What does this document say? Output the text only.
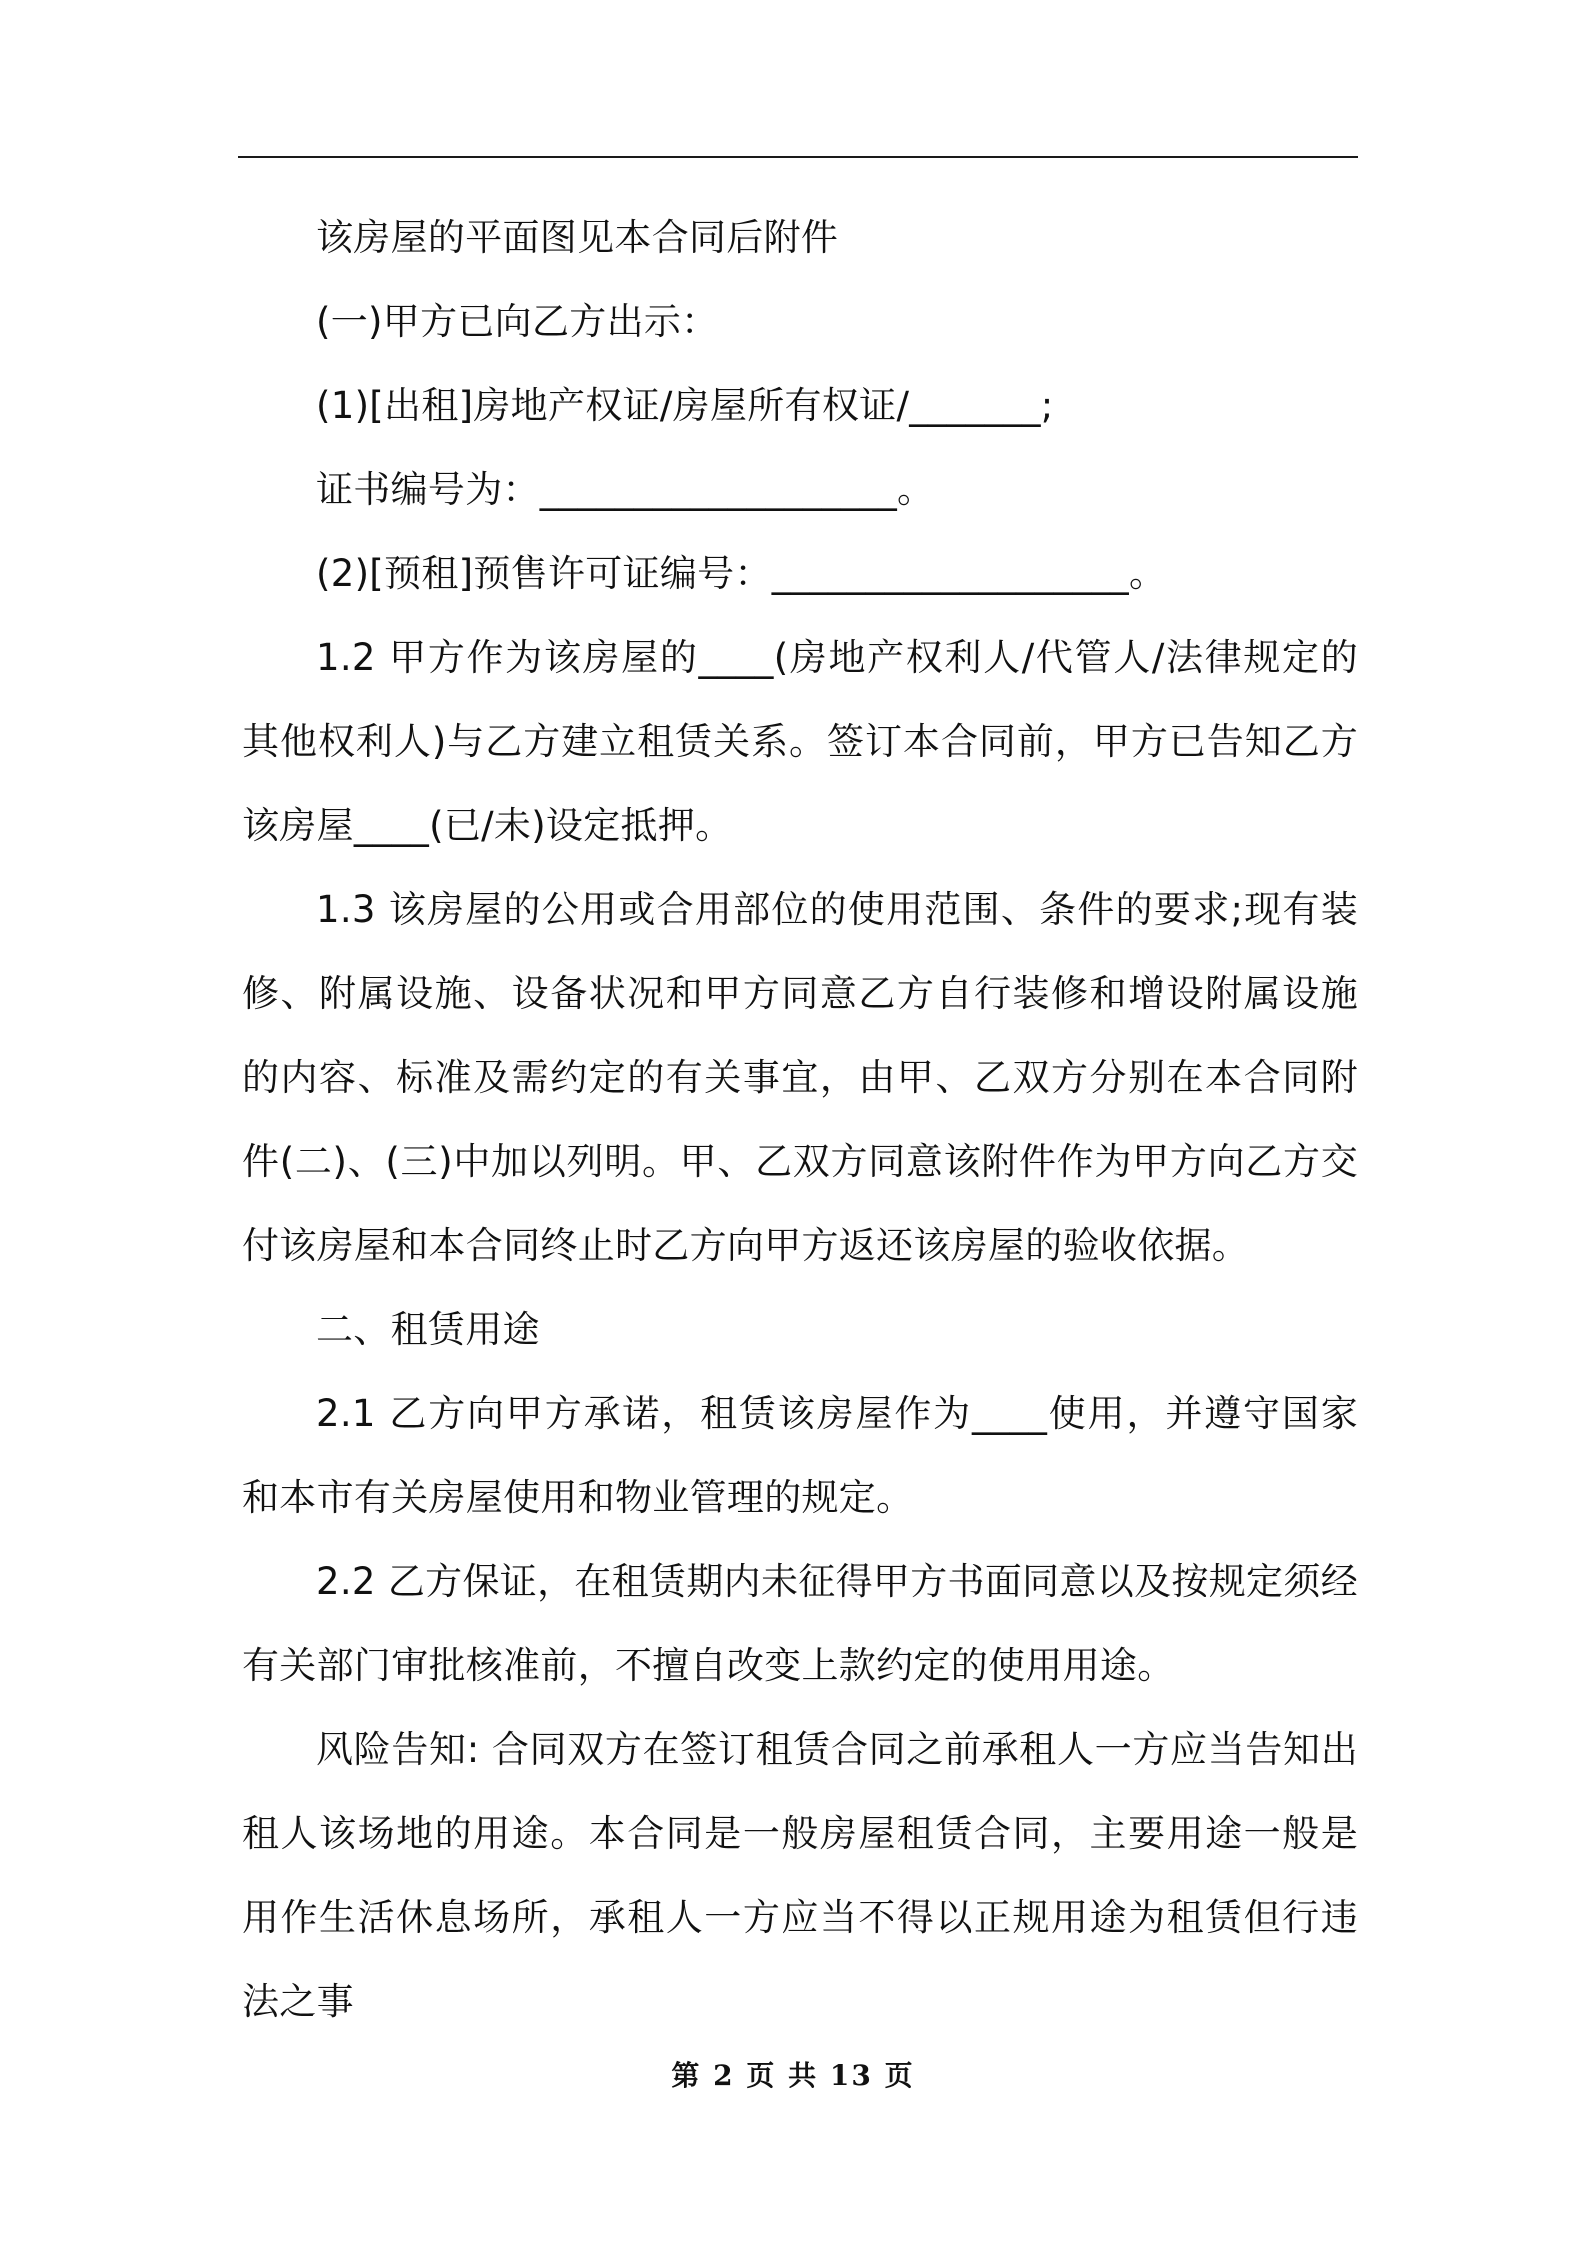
该房屋的平面图见本合同后附件

(一)甲方已向乙方出示：

(1)[出租]房地产权证/房屋所有权证/_______;

证书编号为：___________________。

(2)[预租]预售许可证编号：___________________。

1.2 甲方作为该房屋的____(房地产权利人/代管人/法律规定的其他权利人)与乙方建立租赁关系。签订本合同前，甲方已告知乙方该房屋____(已/未)设定抵押。

1.3 该房屋的公用或合用部位的使用范围、条件的要求;现有装修、附属设施、设备状况和甲方同意乙方自行装修和增设附属设施的内容、标准及需约定的有关事宜，由甲、乙双方分别在本合同附件(二)、(三)中加以列明。甲、乙双方同意该附件作为甲方向乙方交付该房屋和本合同终止时乙方向甲方返还该房屋的验收依据。

二、租赁用途

2.1 乙方向甲方承诺，租赁该房屋作为____使用，并遵守国家和本市有关房屋使用和物业管理的规定。

2.2 乙方保证，在租赁期内未征得甲方书面同意以及按规定须经有关部门审批核准前，不擅自改变上款约定的使用用途。

风险告知: 合同双方在签订租赁合同之前承租人一方应当告知出租人该场地的用途。本合同是一般房屋租赁合同，主要用途一般是用作生活休息场所，承租人一方应当不得以正规用途为租赁但行违法之事

第 2 页 共 13 页
